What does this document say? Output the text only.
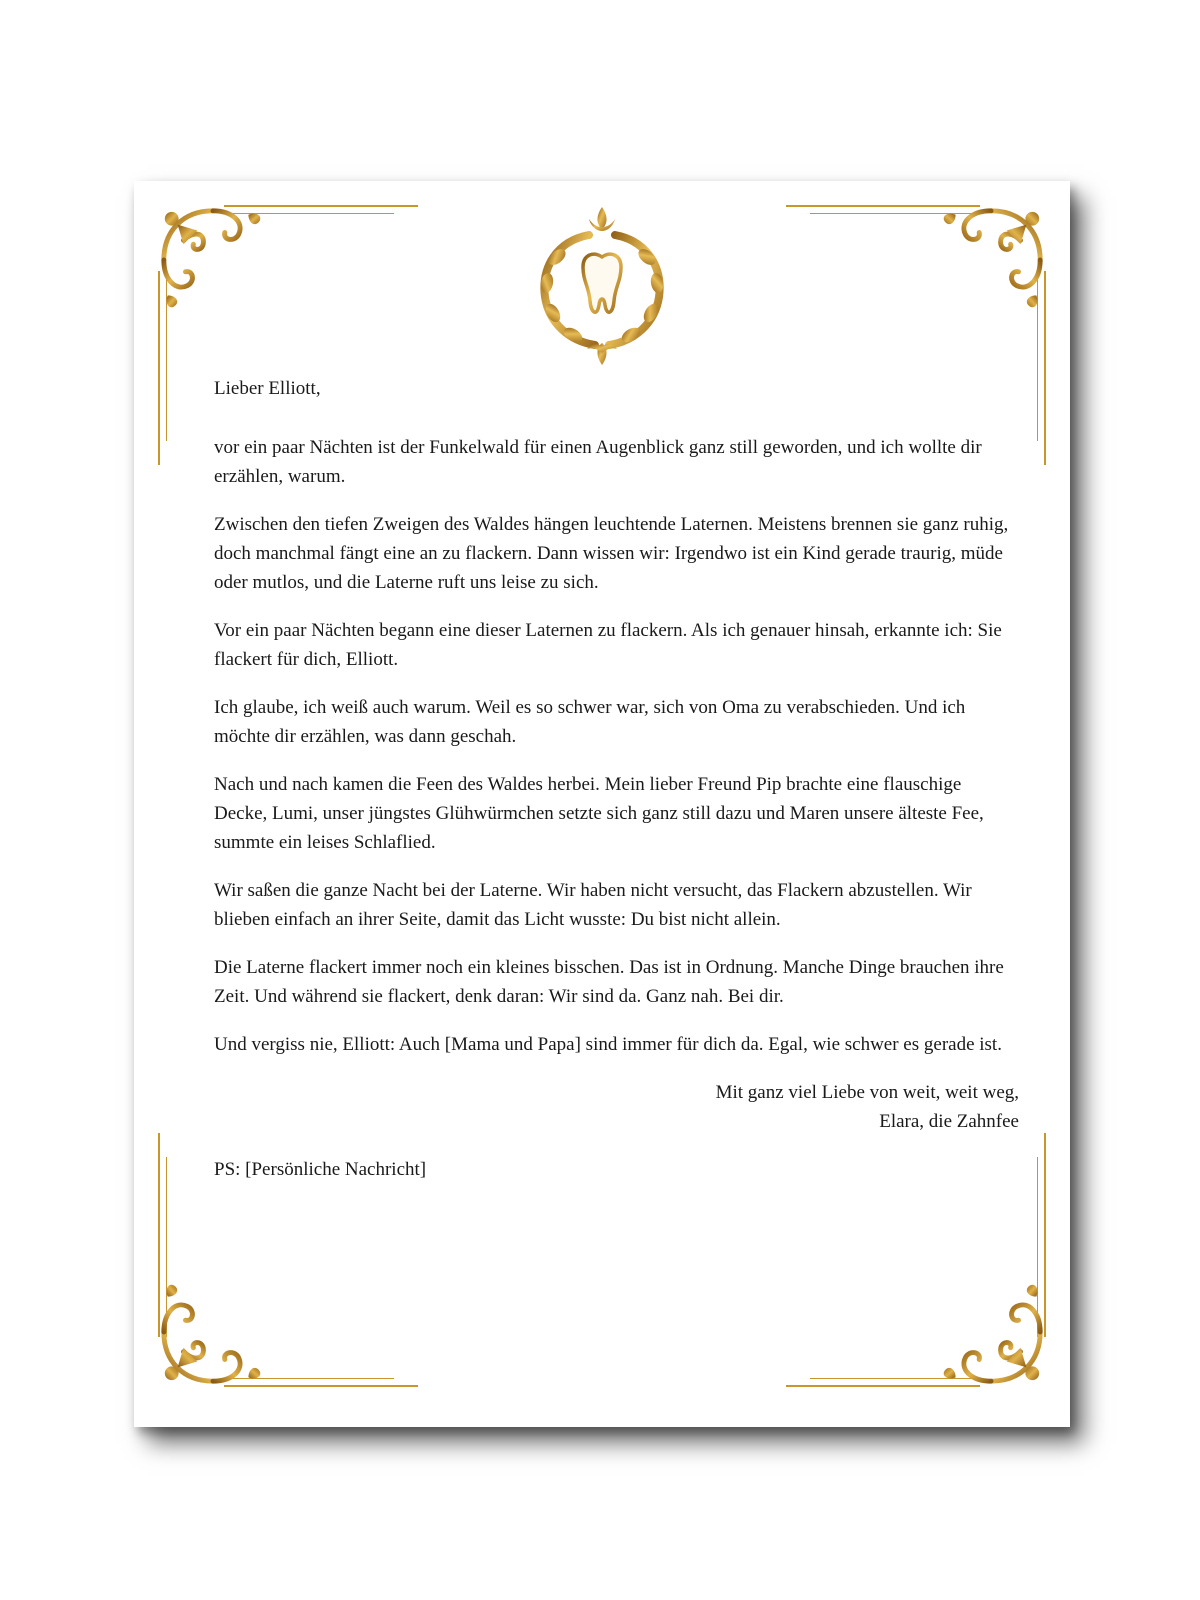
Lieber Elliott,

vor ein paar Nächten ist der Funkelwald für einen Augenblick ganz still geworden, und ich wollte dir erzählen, warum.

Zwischen den tiefen Zweigen des Waldes hängen leuchtende Laternen. Meistens brennen sie ganz ruhig, doch manchmal fängt eine an zu flackern. Dann wissen wir: Irgendwo ist ein Kind gerade traurig, müde oder mutlos, und die Laterne ruft uns leise zu sich.

Vor ein paar Nächten begann eine dieser Laternen zu flackern. Als ich genauer hinsah, erkannte ich: Sie flackert für dich, Elliott.

Ich glaube, ich weiß auch warum. Weil es so schwer war, sich von Oma zu verabschieden. Und ich möchte dir erzählen, was dann geschah.

Nach und nach kamen die Feen des Waldes herbei. Mein lieber Freund Pip brachte eine flauschige Decke, Lumi, unser jüngstes Glühwürmchen setzte sich ganz still dazu und Maren unsere älteste Fee, summte ein leises Schlaflied.

Wir saßen die ganze Nacht bei der Laterne. Wir haben nicht versucht, das Flackern abzustellen. Wir blieben einfach an ihrer Seite, damit das Licht wusste: Du bist nicht allein.

Die Laterne flackert immer noch ein kleines bisschen. Das ist in Ordnung. Manche Dinge brauchen ihre Zeit. Und während sie flackert, denk daran: Wir sind da. Ganz nah. Bei dir.

Und vergiss nie, Elliott: Auch [Mama und Papa] sind immer für dich da. Egal, wie schwer es gerade ist.

Mit ganz viel Liebe von weit, weit weg,
Elara, die Zahnfee

PS: [Persönliche Nachricht]
